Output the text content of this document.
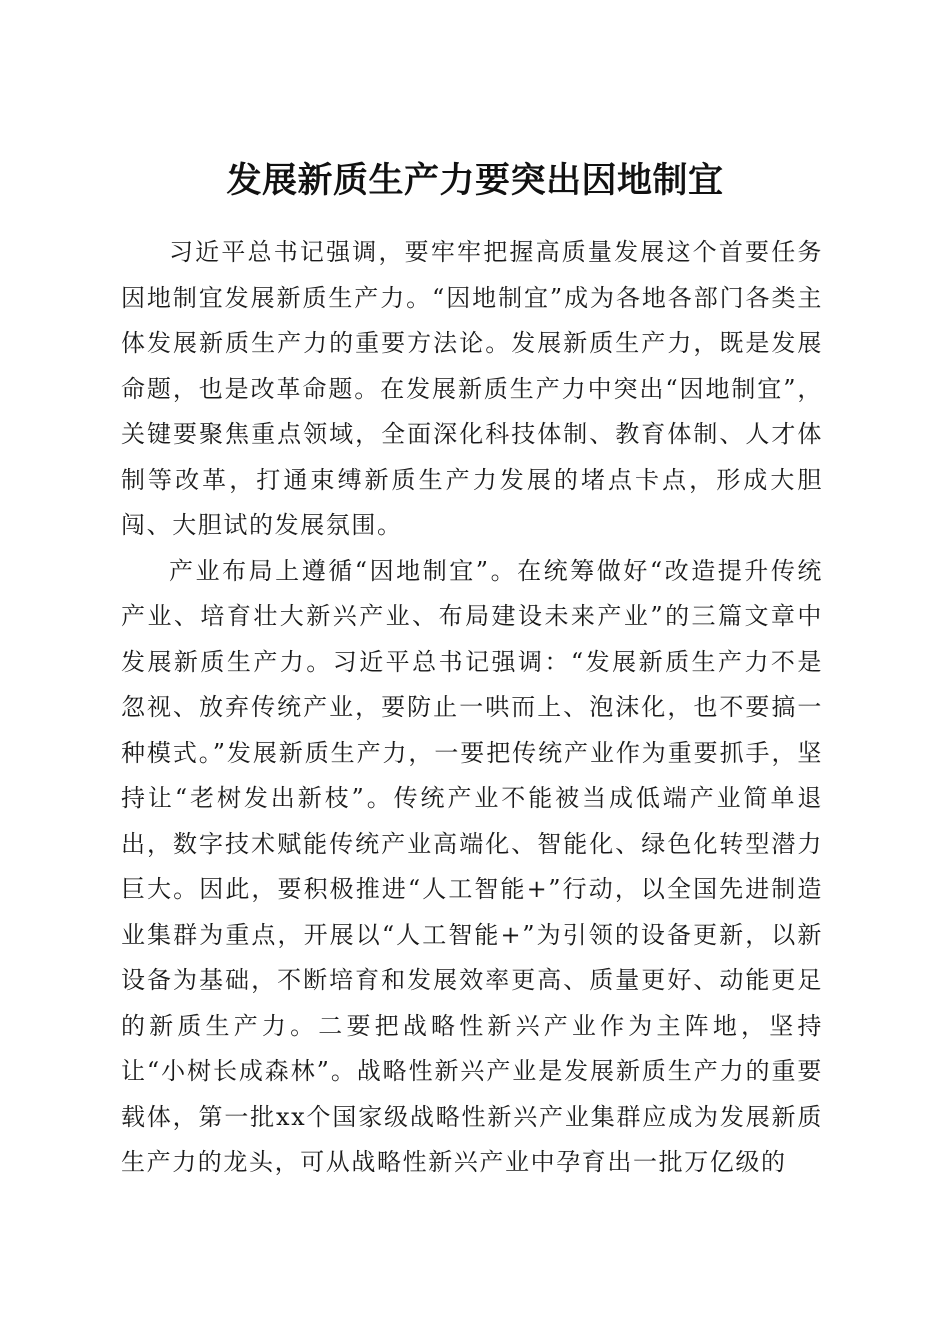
发展新质生产力要突出因地制宜

习近平总书记强调，要牢牢把握高质量发展这个首要任务因地制宜发展新质生产力。“因地制宜”成为各地各部门各类主体发展新质生产力的重要方法论。发展新质生产力，既是发展命题，也是改革命题。在发展新质生产力中突出“因地制宜”，关键要聚焦重点领域，全面深化科技体制、教育体制、人才体制等改革，打通束缚新质生产力发展的堵点卡点，形成大胆闯、大胆试的发展氛围。

产业布局上遵循“因地制宜”。在统筹做好“改造提升传统产业、培育壮大新兴产业、布局建设未来产业”的三篇文章中发展新质生产力。习近平总书记强调：“发展新质生产力不是忽视、放弃传统产业，要防止一哄而上、泡沫化，也不要搞一种模式。”发展新质生产力，一要把传统产业作为重要抓手，坚持让“老树发出新枝”。传统产业不能被当成低端产业简单退出，数字技术赋能传统产业高端化、智能化、绿色化转型潜力巨大。因此，要积极推进“人工智能+”行动，以全国先进制造业集群为重点，开展以“人工智能+”为引领的设备更新，以新设备为基础，不断培育和发展效率更高、质量更好、动能更足的新质生产力。二要把战略性新兴产业作为主阵地，坚持让“小树长成森林”。战略性新兴产业是发展新质生产力的重要载体，第一批xx个国家级战略性新兴产业集群应成为发展新质生产力的龙头，可从战略性新兴产业中孕育出一批万亿级的
